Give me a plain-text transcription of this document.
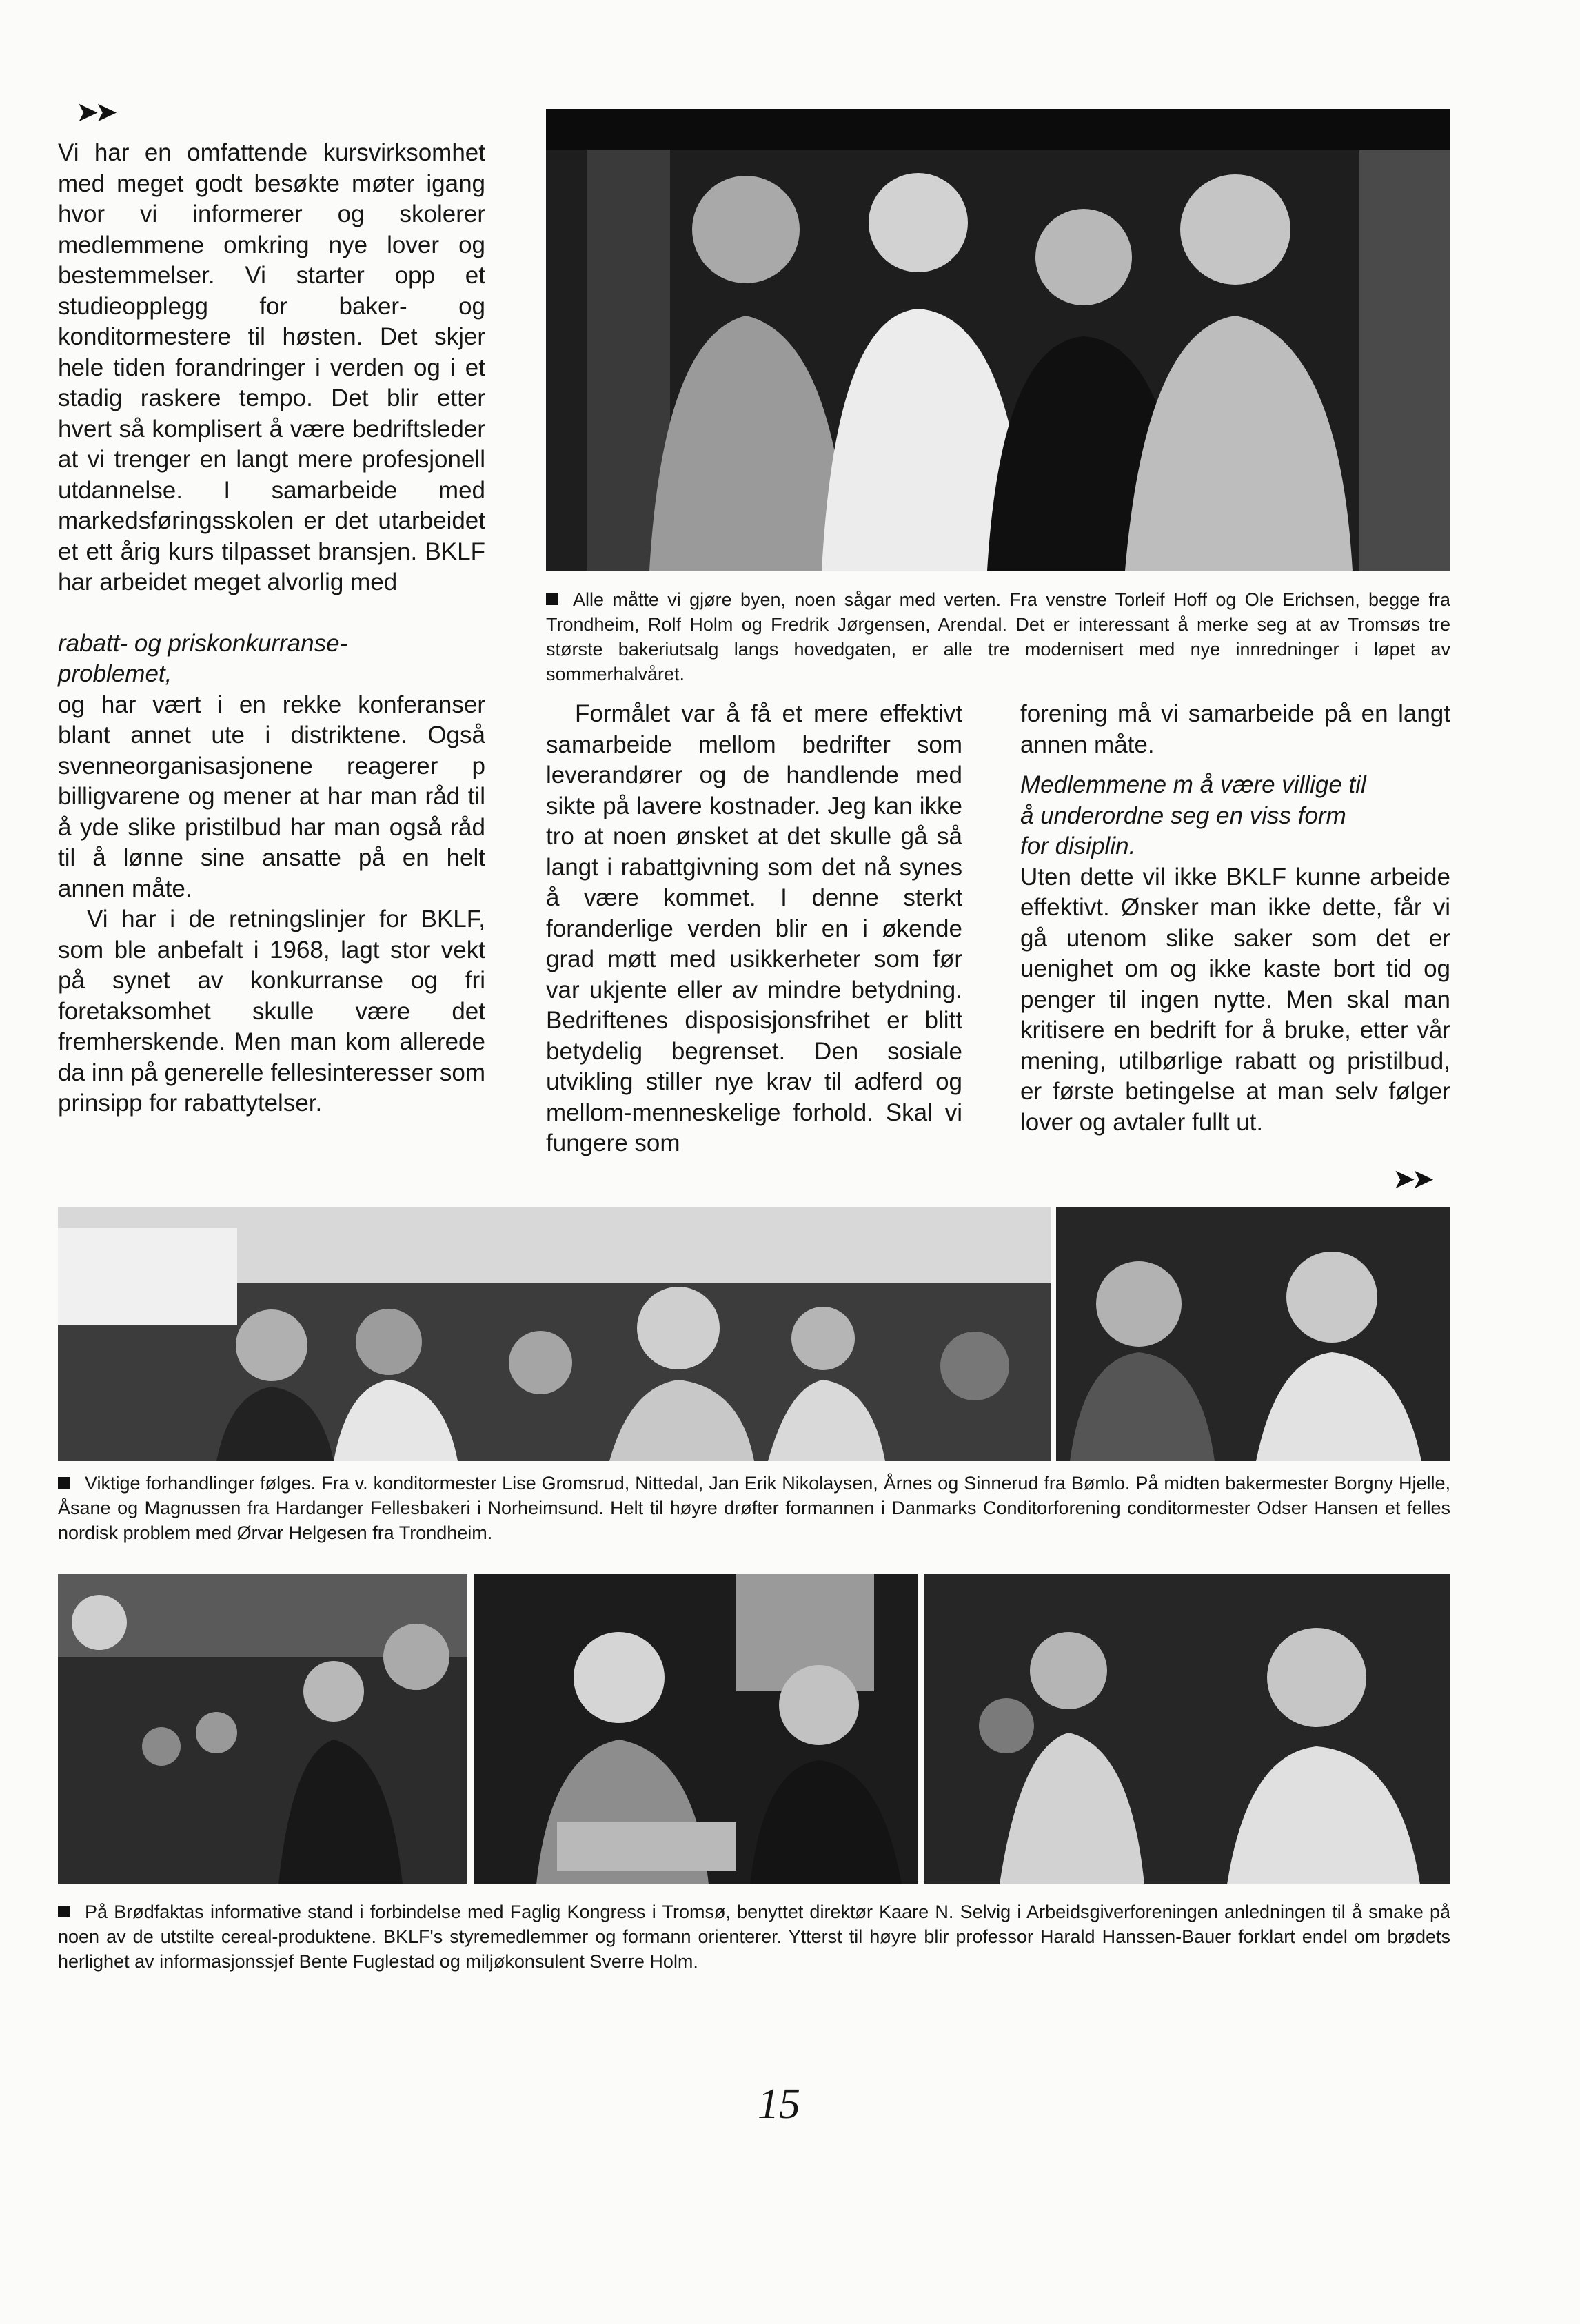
➤➤

Vi har en omfattende kursvirksomhet med meget godt besøkte møter igang hvor vi informerer og skolerer medlemmene omkring nye lover og bestemmelser. Vi starter opp et studieopplegg for baker- og konditormestere til høsten. Det skjer hele tiden forandringer i verden og i et stadig raskere tempo. Det blir etter hvert så komplisert å være bedriftsleder at vi trenger en langt mere profesjonell utdannelse. I samarbeide med markedsføringsskolen er det utarbeidet et ett årig kurs tilpasset bransjen. BKLF har arbeidet meget alvorlig med

rabatt- og priskonkurranse-
problemet,

og har vært i en rekke konferanser blant annet ute i distriktene. Også svenneorganisasjonene reagerer p billigvarene og mener at har man råd til å yde slike pristilbud har man også råd til å lønne sine ansatte på en helt annen måte.

Vi har i de retningslinjer for BKLF, som ble anbefalt i 1968, lagt stor vekt på synet av konkurranse og fri foretaksomhet skulle være det fremherskende. Men man kom allerede da inn på generelle fellesinteresser som prinsipp for rabattytelser.

Alle måtte vi gjøre byen, noen sågar med verten. Fra venstre Torleif Hoff og Ole Erichsen, begge fra Trondheim, Rolf Holm og Fredrik Jørgensen, Arendal. Det er interessant å merke seg at av Tromsøs tre største bakeriutsalg langs hovedgaten, er alle tre modernisert med nye innredninger i løpet av sommerhalvåret.

Formålet var å få et mere effektivt samarbeide mellom bedrifter som leverandører og de handlende med sikte på lavere kostnader. Jeg kan ikke tro at noen ønsket at det skulle gå så langt i rabattgivning som det nå synes å være kommet. I denne sterkt foranderlige verden blir en i økende grad møtt med usikkerheter som før var ukjente eller av mindre betydning. Bedriftenes disposisjonsfrihet er blitt betydelig begrenset. Den sosiale utvikling stiller nye krav til adferd og mellom-menneskelige forhold. Skal vi fungere som

forening må vi samarbeide på en langt annen måte.

Medlemmene m å være villige til
å underordne seg en viss form
for disiplin.

Uten dette vil ikke BKLF kunne arbeide effektivt. Ønsker man ikke dette, får vi gå utenom slike saker som det er uenighet om og ikke kaste bort tid og penger til ingen nytte. Men skal man kritisere en bedrift for å bruke, etter vår mening, utilbørlige rabatt og pristilbud, er første betingelse at man selv følger lover og avtaler fullt ut.

➤➤
Viktige forhandlinger følges. Fra v. konditormester Lise Gromsrud, Nittedal, Jan Erik Nikolaysen, Årnes og Sinnerud fra Bømlo. På midten bakermester Borgny Hjelle, Åsane og Magnussen fra Hardanger Fellesbakeri i Norheimsund. Helt til høyre drøfter formannen i Danmarks Conditorforening conditormester Odser Hansen et felles nordisk problem med Ørvar Helgesen fra Trondheim.
På Brødfaktas informative stand i forbindelse med Faglig Kongress i Tromsø, benyttet direktør Kaare N. Selvig i Arbeidsgiverforeningen anledningen til å smake på noen av de utstilte cereal-produktene. BKLF's styremedlemmer og formann orienterer. Ytterst til høyre blir professor Harald Hanssen-Bauer forklart endel om brødets herlighet av informasjonssjef Bente Fuglestad og miljøkonsulent Sverre Holm.
15
